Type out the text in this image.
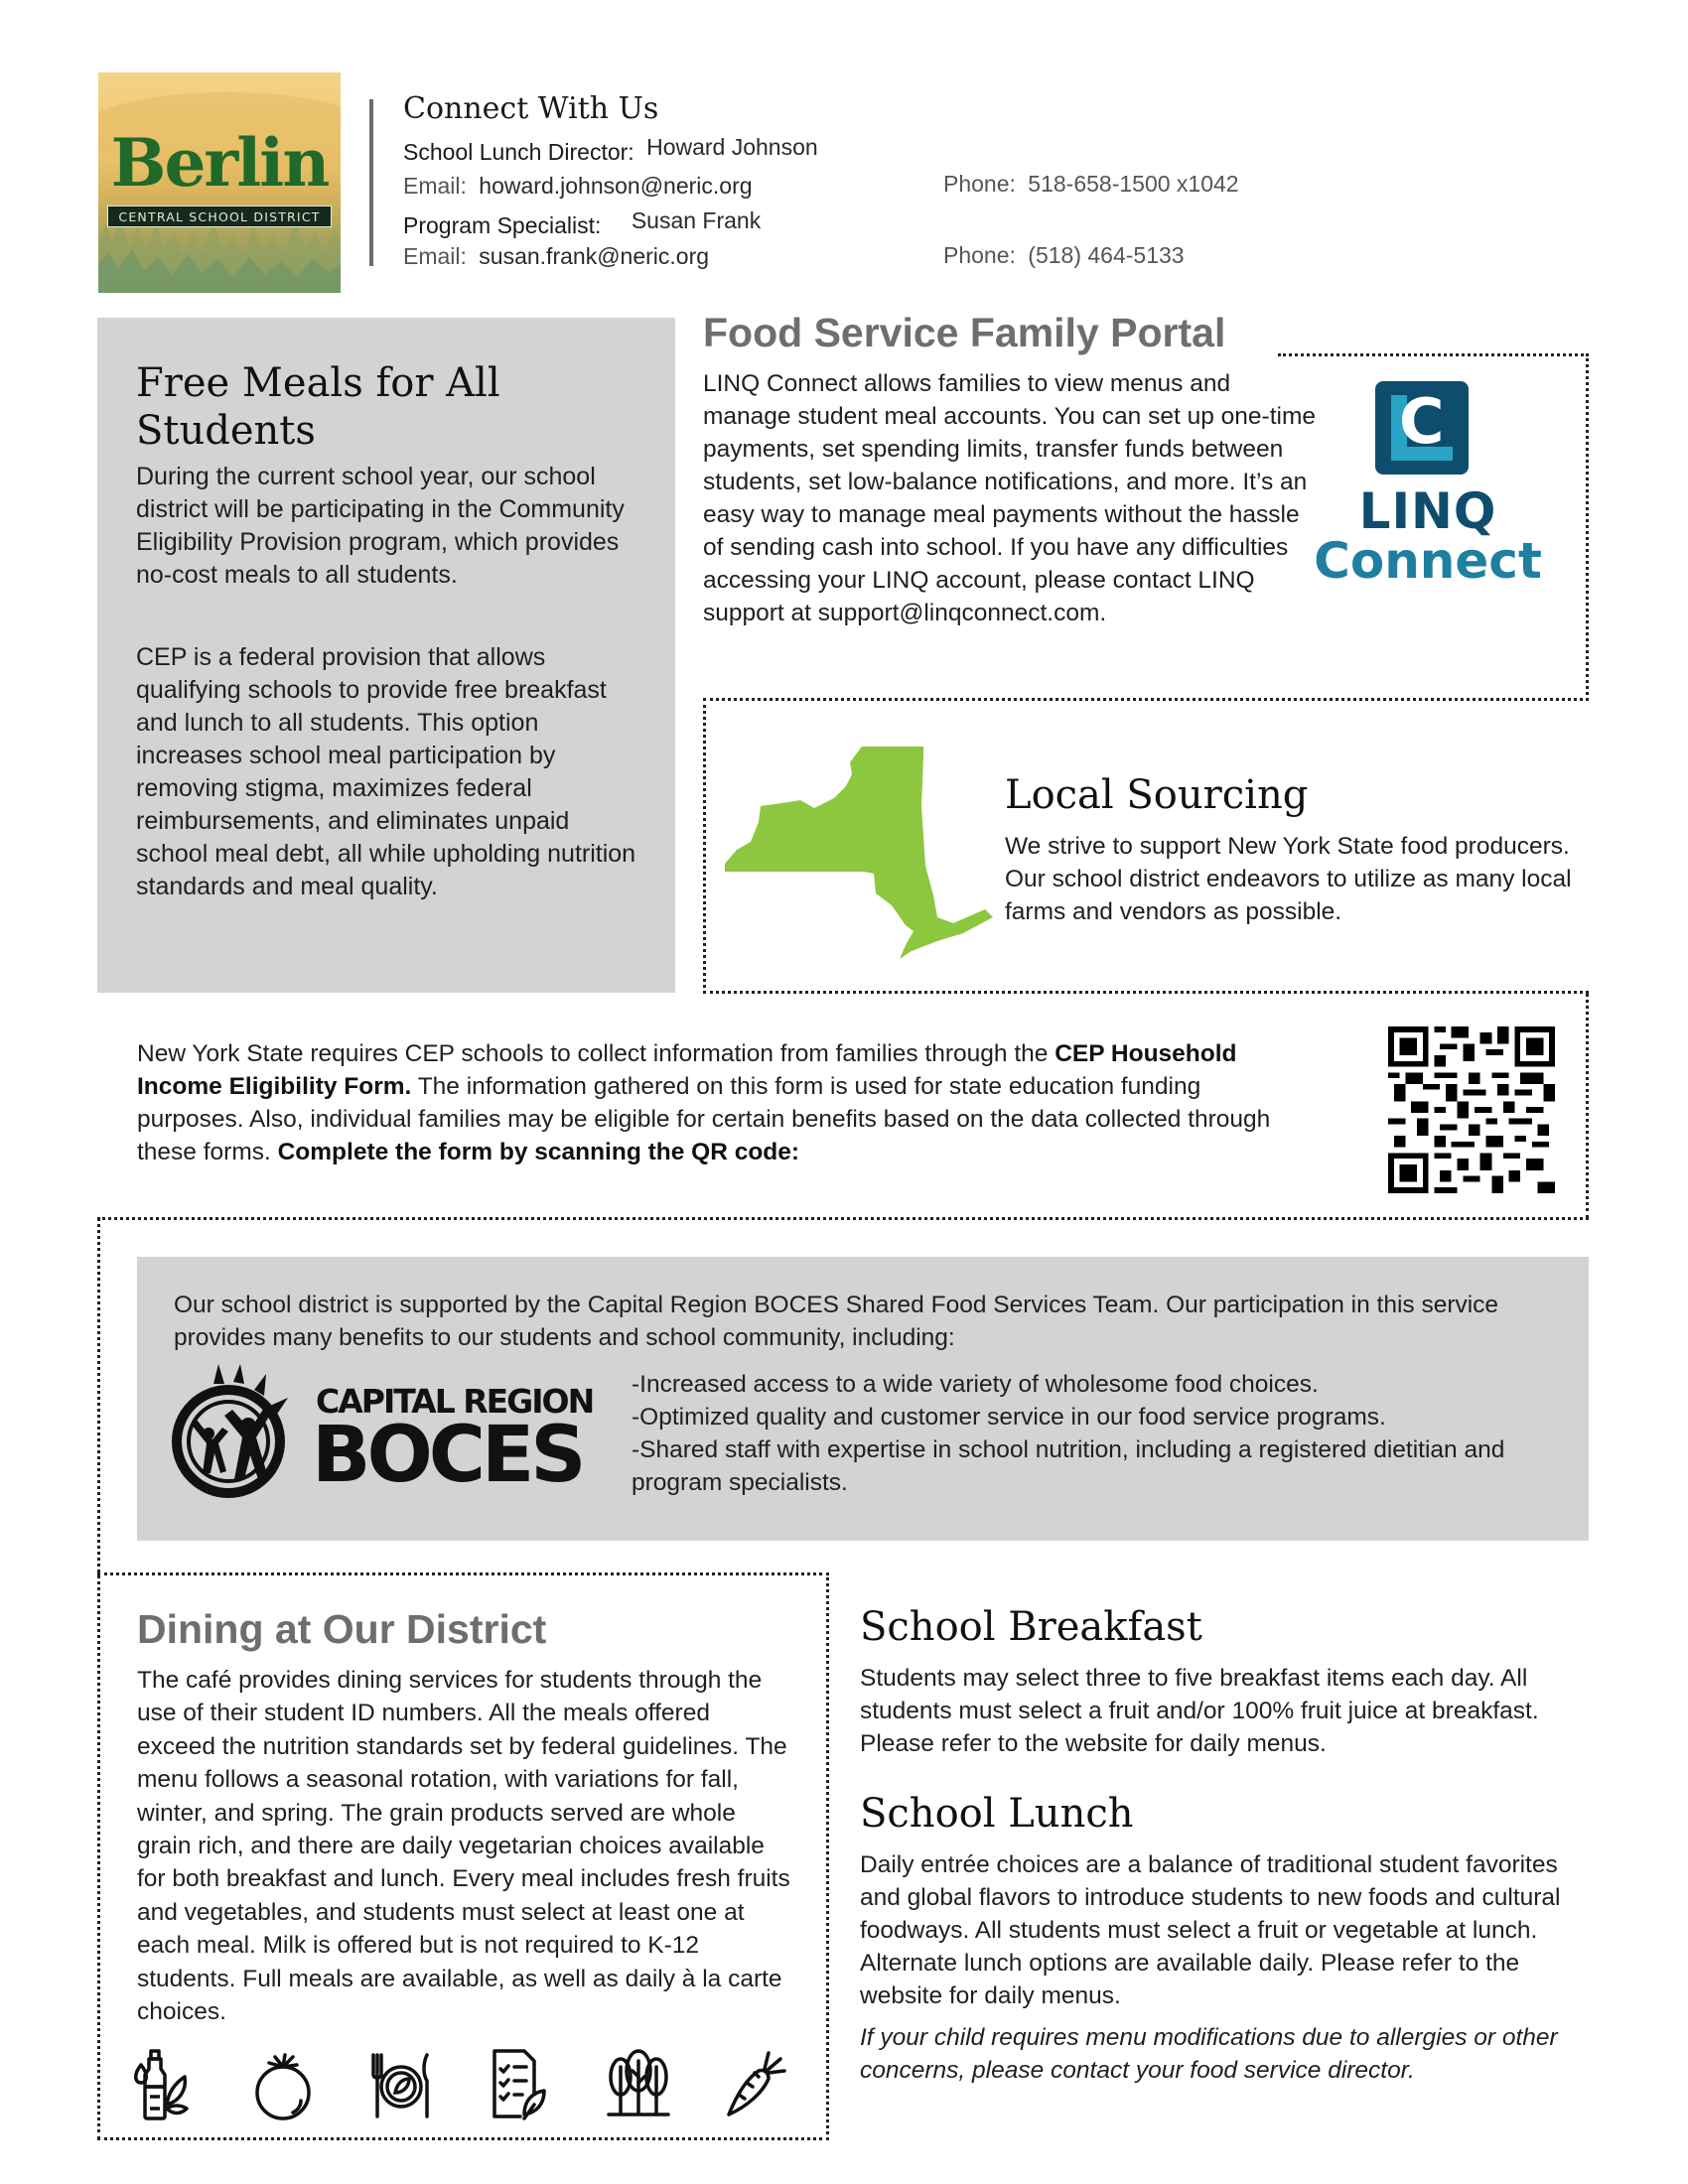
Berlin
CENTRAL SCHOOL DISTRICT
Connect With Us
School Lunch Director: Howard Johnson
Email: howard.johnson@neric.org	Phone: 518-658-1500 x1042
Program Specialist: Susan Frank
Email: susan.frank@neric.org	Phone: (518) 464-5133
Free Meals for All Students
During the current school year, our school district will be participating in the Community Eligibility Provision program, which provides no-cost meals to all students.
CEP is a federal provision that allows qualifying schools to provide free breakfast and lunch to all students. This option increases school meal participation by removing stigma, maximizes federal reimbursements, and eliminates unpaid school meal debt, all while upholding nutrition standards and meal quality.
Food Service Family Portal
LINQ Connect allows families to view menus and manage student meal accounts. You can set up one-time payments, set spending limits, transfer funds between students, set low-balance notifications, and more. It’s an easy way to manage meal payments without the hassle of sending cash into school. If you have any difficulties accessing your LINQ account, please contact LINQ support at support@linqconnect.com.
C
LINQ
Connect
Local Sourcing
We strive to support New York State food producers. Our school district endeavors to utilize as many local farms and vendors as possible.
New York State requires CEP schools to collect information from families through the CEP Household Income Eligibility Form. The information gathered on this form is used for state education funding purposes. Also, individual families may be eligible for certain benefits based on the data collected through these forms. Complete the form by scanning the QR code:
Our school district is supported by the Capital Region BOCES Shared Food Services Team. Our participation in this service provides many benefits to our students and school community, including:
CAPITAL REGION
BOCES
-Increased access to a wide variety of wholesome food choices.
-Optimized quality and customer service in our food service programs.
-Shared staff with expertise in school nutrition, including a registered dietitian and program specialists.
Dining at Our District
The café provides dining services for students through the use of their student ID numbers. All the meals offered exceed the nutrition standards set by federal guidelines. The menu follows a seasonal rotation, with variations for fall, winter, and spring. The grain products served are whole grain rich, and there are daily vegetarian choices available for both breakfast and lunch. Every meal includes fresh fruits and vegetables, and students must select at least one at each meal. Milk is offered but is not required to K-12 students. Full meals are available, as well as daily à la carte choices.
School Breakfast
Students may select three to five breakfast items each day. All students must select a fruit and/or 100% fruit juice at breakfast. Please refer to the website for daily menus.
School Lunch
Daily entrée choices are a balance of traditional student favorites and global flavors to introduce students to new foods and cultural foodways. All students must select a fruit or vegetable at lunch. Alternate lunch options are available daily. Please refer to the website for daily menus.
If your child requires menu modifications due to allergies or other concerns, please contact your food service director.
